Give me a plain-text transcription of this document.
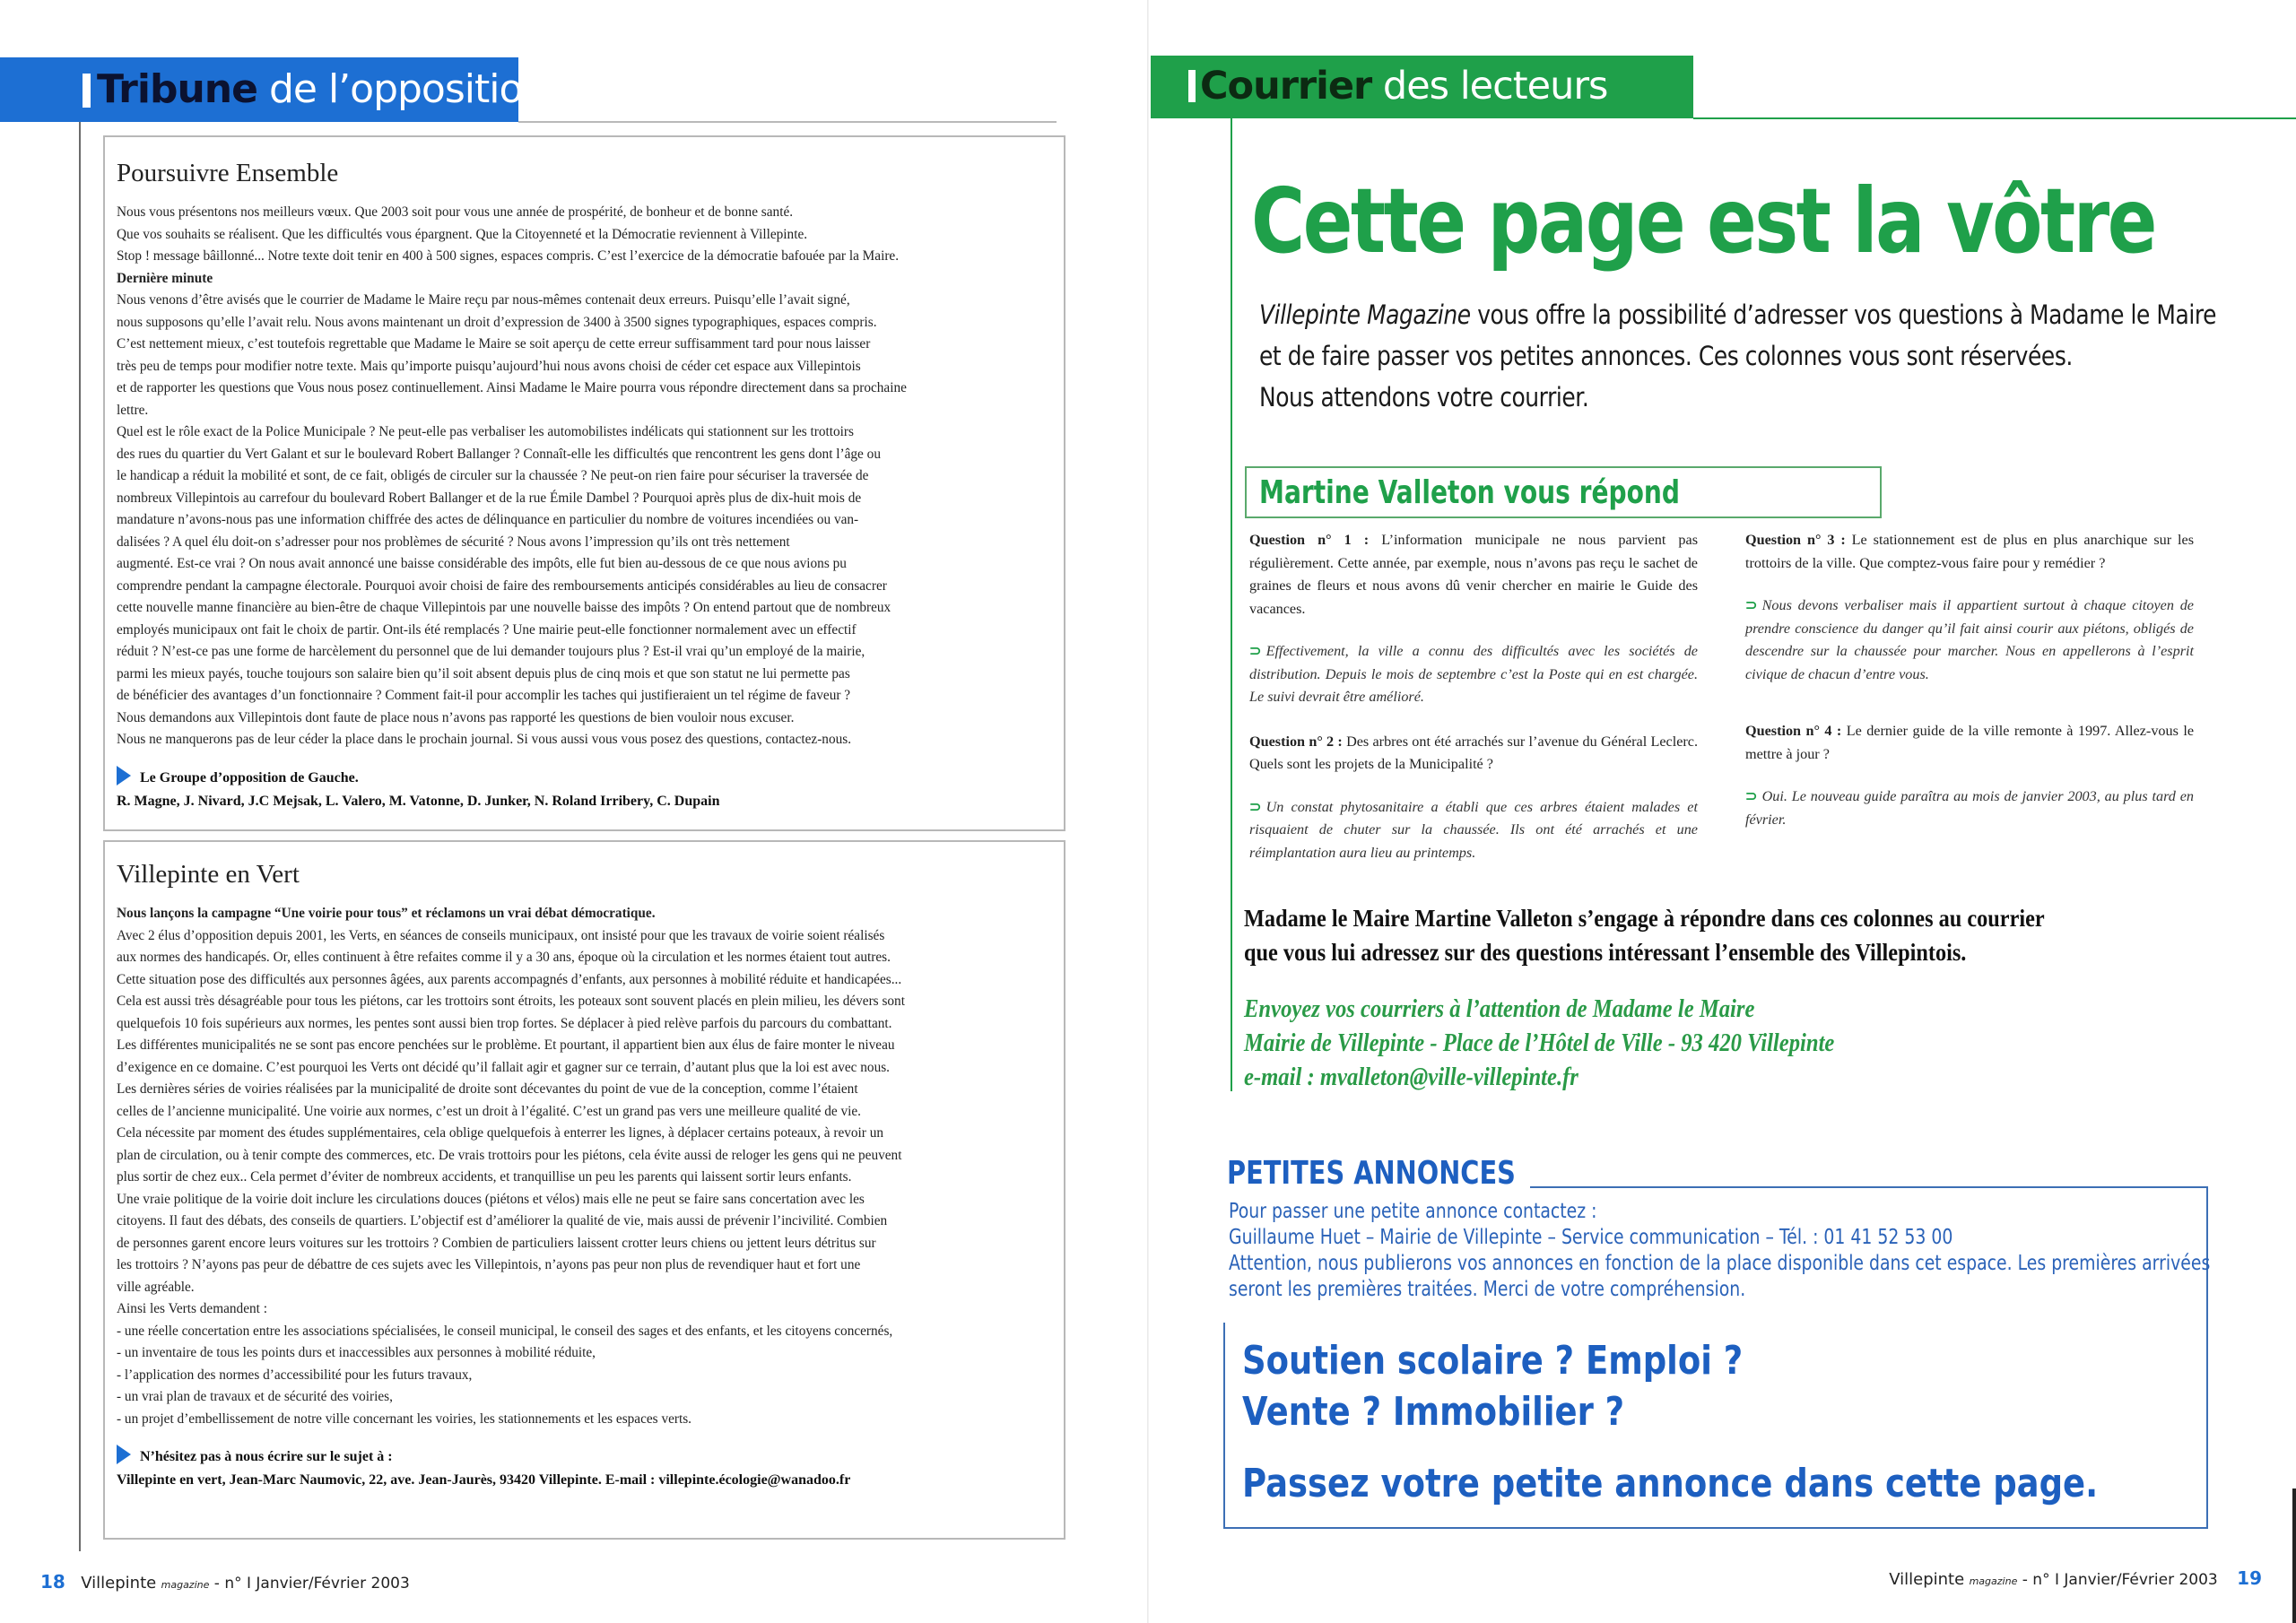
Tribune de l’opposition
Poursuivre Ensemble

Nous vous présentons nos meilleurs vœux. Que 2003 soit pour vous une année de prospérité, de bonheur et de bonne santé.

Que vos souhaits se réalisent. Que les difficultés vous épargnent. Que la Citoyenneté et la Démocratie reviennent à Villepinte.

Stop ! message bâillonné... Notre texte doit tenir en 400 à 500 signes, espaces compris. C’est l’exercice de la démocratie bafouée par la Maire.

Dernière minute

Nous venons d’être avisés que le courrier de Madame le Maire reçu par nous-mêmes contenait deux erreurs. Puisqu’elle l’avait signé,

nous supposons qu’elle l’avait relu. Nous avons maintenant un droit d’expression de 3400 à 3500 signes typographiques, espaces compris.

C’est nettement mieux, c’est toutefois regrettable que Madame le Maire se soit aperçu de cette erreur suffisamment tard pour nous laisser

très peu de temps pour modifier notre texte. Mais qu’importe puisqu’aujourd’hui nous avons choisi de céder cet espace aux Villepintois

et de rapporter les questions que Vous nous posez continuellement. Ainsi Madame le Maire pourra vous répondre directement dans sa prochaine

lettre.

Quel est le rôle exact de la Police Municipale ? Ne peut-elle pas verbaliser les automobilistes indélicats qui stationnent sur les trottoirs

des rues du quartier du Vert Galant et sur le boulevard Robert Ballanger ? Connaît-elle les difficultés que rencontrent les gens dont l’âge ou

le handicap a réduit la mobilité et sont, de ce fait, obligés de circuler sur la chaussée ? Ne peut-on rien faire pour sécuriser la traversée de

nombreux Villepintois au carrefour du boulevard Robert Ballanger et de la rue Émile Dambel ? Pourquoi après plus de dix-huit mois de

mandature n’avons-nous pas une information chiffrée des actes de délinquance en particulier du nombre de voitures incendiées ou van-

dalisées ? A quel élu doit-on s’adresser pour nos problèmes de sécurité ? Nous avons l’impression qu’ils ont très nettement

augmenté. Est-ce vrai ? On nous avait annoncé une baisse considérable des impôts, elle fut bien au-dessous de ce que nous avions pu

comprendre pendant la campagne électorale. Pourquoi avoir choisi de faire des remboursements anticipés considérables au lieu de consacrer

cette nouvelle manne financière au bien-être de chaque Villepintois par une nouvelle baisse des impôts ? On entend partout que de nombreux

employés municipaux ont fait le choix de partir. Ont-ils été remplacés ? Une mairie peut-elle fonctionner normalement avec un effectif

réduit ? N’est-ce pas une forme de harcèlement du personnel que de lui demander toujours plus ? Est-il vrai qu’un employé de la mairie,

parmi les mieux payés, touche toujours son salaire bien qu’il soit absent depuis plus de cinq mois et que son statut ne lui permette pas

de bénéficier des avantages d’un fonctionnaire ? Comment fait-il pour accomplir les taches qui justifieraient un tel régime de faveur ?

Nous demandons aux Villepintois dont faute de place nous n’avons pas rapporté les questions de bien vouloir nous excuser.

Nous ne manquerons pas de leur céder la place dans le prochain journal. Si vous aussi vous vous posez des questions, contactez-nous.

Le Groupe d’opposition de Gauche.
R. Magne, J. Nivard, J.C Mejsak, L. Valero, M. Vatonne, D. Junker, N. Roland Irribery, C. Dupain
Villepinte en Vert

Nous lançons la campagne “Une voirie pour tous” et réclamons un vrai débat démocratique.

Avec 2 élus d’opposition depuis 2001, les Verts, en séances de conseils municipaux, ont insisté pour que les travaux de voirie soient réalisés

aux normes des handicapés. Or, elles continuent à être refaites comme il y a 30 ans, époque où la circulation et les normes étaient tout autres.

Cette situation pose des difficultés aux personnes âgées, aux parents accompagnés d’enfants, aux personnes à mobilité réduite et handicapées...

Cela est aussi très désagréable pour tous les piétons, car les trottoirs sont étroits, les poteaux sont souvent placés en plein milieu, les dévers sont

quelquefois 10 fois supérieurs aux normes, les pentes sont aussi bien trop fortes. Se déplacer à pied relève parfois du parcours du combattant.

Les différentes municipalités ne se sont pas encore penchées sur le problème. Et pourtant, il appartient bien aux élus de faire monter le niveau

d’exigence en ce domaine. C’est pourquoi les Verts ont décidé qu’il fallait agir et gagner sur ce terrain, d’autant plus que la loi est avec nous.

Les dernières séries de voiries réalisées par la municipalité de droite sont décevantes du point de vue de la conception, comme l’étaient

celles de l’ancienne municipalité. Une voirie aux normes, c’est un droit à l’égalité. C’est un grand pas vers une meilleure qualité de vie.

Cela nécessite par moment des études supplémentaires, cela oblige quelquefois à enterrer les lignes, à déplacer certains poteaux, à revoir un

plan de circulation, ou à tenir compte des commerces, etc. De vrais trottoirs pour les piétons, cela évite aussi de reloger les gens qui ne peuvent

plus sortir de chez eux.. Cela permet d’éviter de nombreux accidents, et tranquillise un peu les parents qui laissent sortir leurs enfants.

Une vraie politique de la voirie doit inclure les circulations douces (piétons et vélos) mais elle ne peut se faire sans concertation avec les

citoyens. Il faut des débats, des conseils de quartiers. L’objectif est d’améliorer la qualité de vie, mais aussi de prévenir l’incivilité. Combien

de personnes garent encore leurs voitures sur les trottoirs ? Combien de particuliers laissent crotter leurs chiens ou jettent leurs détritus sur

les trottoirs ? N’ayons pas peur de débattre de ces sujets avec les Villepintois, n’ayons pas peur non plus de revendiquer haut et fort une

ville agréable.

Ainsi les Verts demandent :

- une réelle concertation entre les associations spécialisées, le conseil municipal, le conseil des sages et des enfants, et les citoyens concernés,
- un inventaire de tous les points durs et inaccessibles aux personnes à mobilité réduite,
- l’application des normes d’accessibilité pour les futurs travaux,
- un vrai plan de travaux et de sécurité des voiries,
- un projet d’embellissement de notre ville concernant les voiries, les stationnements et les espaces verts.
N’hésitez pas à nous écrire sur le sujet à :
Villepinte en vert, Jean-Marc Naumovic, 22, ave. Jean-Jaurès, 93420 Villepinte. E-mail : villepinte.écologie@wanadoo.fr
18 Villepinte magazine - n° I Janvier/Février 2003
Courrier des lecteurs
Cette page est la vôtre
Villepinte Magazine vous offre la possibilité d’adresser vos questions à Madame le Maire
et de faire passer vos petites annonces. Ces colonnes vous sont réservées.
Nous attendons votre courrier.
Martine Valleton vous répond
Question n° 1 : L’information municipale ne nous parvient pas régulièrement. Cette année, par exemple, nous n’avons pas reçu le sachet de graines de fleurs et nous avons dû venir chercher en mairie le Guide des vacances.
⊃ Effectivement, la ville a connu des difficultés avec les sociétés de distribution. Depuis le mois de septembre c’est la Poste qui en est chargée. Le suivi devrait être amélioré.
Question n° 2 : Des arbres ont été arrachés sur l’avenue du Général Leclerc. Quels sont les projets de la Municipalité ?
⊃ Un constat phytosanitaire a établi que ces arbres étaient malades et risquaient de chuter sur la chaussée. Ils ont été arrachés et une réimplantation aura lieu au printemps.
Question n° 3 : Le stationnement est de plus en plus anarchique sur les trottoirs de la ville. Que comptez-vous faire pour y remédier ?
⊃ Nous devons verbaliser mais il appartient surtout à chaque citoyen de prendre conscience du danger qu’il fait ainsi courir aux piétons, obligés de descendre sur la chaussée pour marcher. Nous en appellerons à l’esprit civique de chacun d’entre vous.
Question n° 4 : Le dernier guide de la ville remonte à 1997. Allez-vous le mettre à jour ?
⊃ Oui. Le nouveau guide paraîtra au mois de janvier 2003, au plus tard en février.
Madame le Maire Martine Valleton s’engage à répondre dans ces colonnes au courrier
que vous lui adressez sur des questions intéressant l’ensemble des Villepintois.
Envoyez vos courriers à l’attention de Madame le Maire
Mairie de Villepinte - Place de l’Hôtel de Ville - 93 420 Villepinte
e-mail : mvalleton@ville-villepinte.fr
PETITES ANNONCES
Pour passer une petite annonce contactez :
Guillaume Huet – Mairie de Villepinte – Service communication – Tél. : 01 41 52 53 00
Attention, nous publierons vos annonces en fonction de la place disponible dans cet espace. Les premières arrivées
seront les premières traitées. Merci de votre compréhension.
Soutien scolaire ? Emploi ?
Vente ? Immobilier ?
Passez votre petite annonce dans cette page.
Villepinte magazine - n° I Janvier/Février 2003 19
